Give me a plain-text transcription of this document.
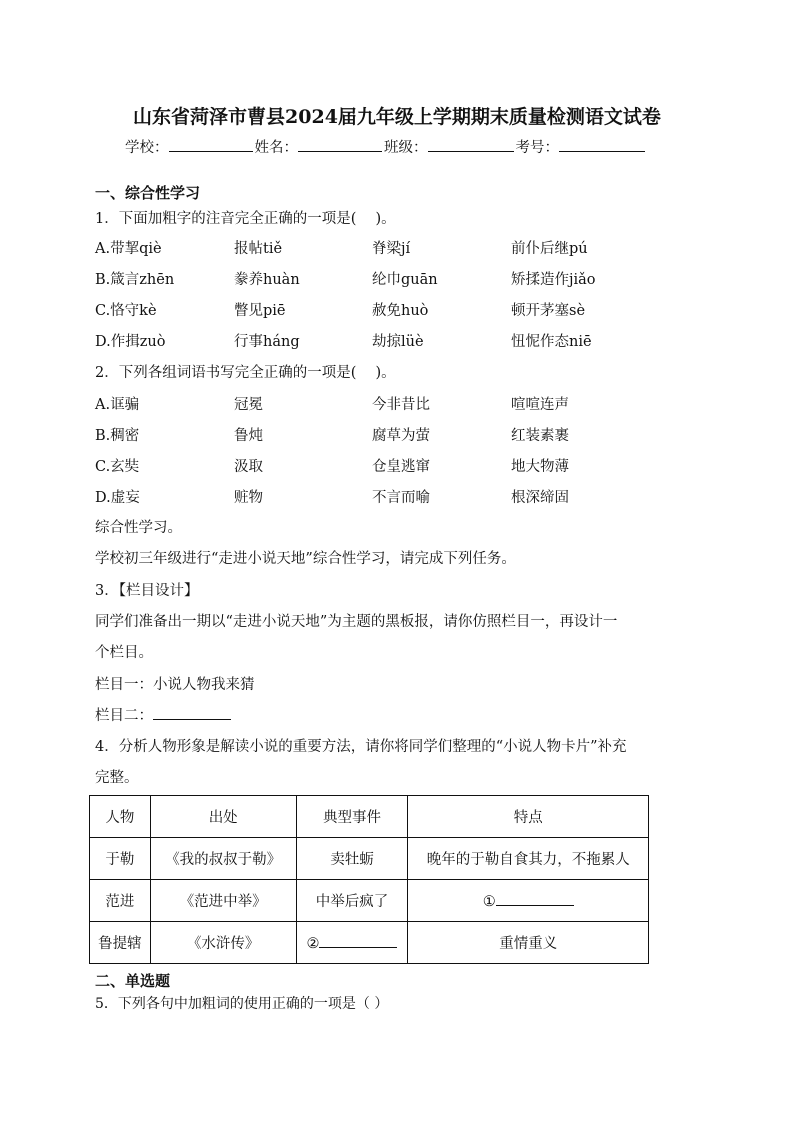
山东省菏泽市曹县2024届九年级上学期期末质量检测语文试卷
学校：	姓名：	班级：	考号：
一、综合性学习
1．下面加粗字的注音完全正确的一项是(　 )。
A.带挈qiè	报帖tiě	脊梁jí	前仆后继pú
B.箴言zhēn	豢养huàn	纶巾guān	矫揉造作jiǎo
C.恪守kè	瞥见piē	赦免huò	顿开茅塞sè
D.作揖zuò	行事háng	劫掠lüè	忸怩作态niē
2．下列各组词语书写完全正确的一项是(　 )。
A.诓骗	冠冕	今非昔比	喧喧连声
B.稠密	鲁炖	腐草为萤	红装素裹
C.玄奘	汲取	仓皇逃窜	地大物薄
D.虚妄	赃物	不言而喻	根深缔固
综合性学习。
学校初三年级进行“走进小说天地”综合性学习，请完成下列任务。
3．【栏目设计】
同学们准备出一期以“走进小说天地”为主题的黑板报，请你仿照栏目一，再设计一
个栏目。
栏目一：小说人物我来猜
栏目二：
4．分析人物形象是解读小说的重要方法，请你将同学们整理的“小说人物卡片”补充
完整。
人物	出处	典型事件	特点
于勒	《我的叔叔于勒》	卖牡蛎	晚年的于勒自食其力，不拖累人
范进	《范进中举》	中举后疯了	①
鲁提辖	《水浒传》	②	重情重义
二、单选题
5．下列各句中加粗词的使用正确的一项是（ ）
